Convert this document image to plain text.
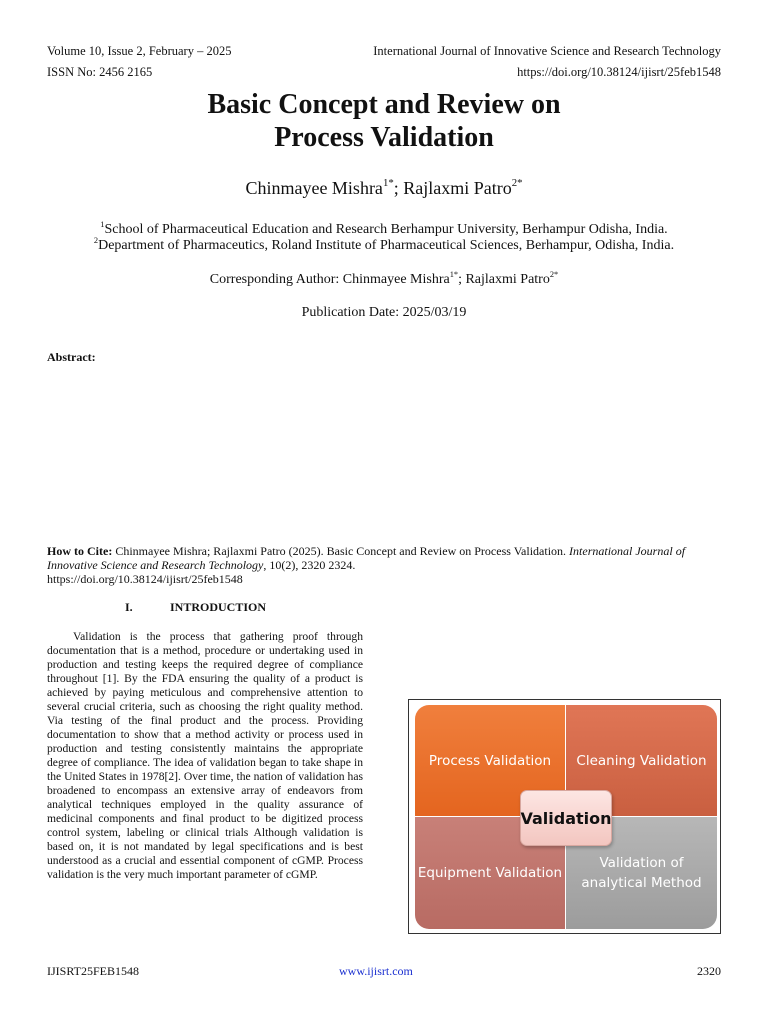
Volume 10, Issue 2, February – 2025	International Journal of Innovative Science and Research Technology
ISSN No: 2456 2165	https://doi.org/10.38124/ijisrt/25feb1548
Basic Concept and Review on
Process Validation
Chinmayee Mishra$^{1*}$; Rajlaxmi Patro$^{2*}$
$^1$School of Pharmaceutical Education and Research Berhampur University, Berhampur Odisha, India.
$^2$Department of Pharmaceutics, Roland Institute of Pharmaceutical Sciences, Berhampur, Odisha, India.
Corresponding Author: Chinmayee Mishra$^{1*}$; Rajlaxmi Patro$^{2*}$
Publication Date: 2025/03/19
Abstract:
How to Cite: Chinmayee Mishra; Rajlaxmi Patro (2025). Basic Concept and Review on Process Validation. International Journal of Innovative Science and Research Technology, 10(2), 2320 2324.
https://doi.org/10.38124/ijisrt/25feb1548
I.	INTRODUCTION
Validation is the process that gathering proof through documentation that is a method, procedure or undertaking used in production and testing keeps the required degree of compliance throughout [1]. By the FDA ensuring the quality of a product is achieved by paying meticulous and comprehensive attention to several crucial criteria, such as choosing the right quality method. Via testing of the final product and the process. Providing documentation to show that a method activity or process used in production and testing consistently maintains the appropriate degree of compliance. The idea of validation began to take shape in the United States in 1978[2]. Over time, the nation of validation has broadened to encompass an extensive array of endeavors from analytical techniques employed in the quality assurance of medicinal components and final product to be digitized process control system, labeling or clinical trials Although validation is based on, it is not mandated by legal specifications and is best understood as a crucial and essential component of cGMP. Process validation is the very much important parameter of cGMP.
Process Validation	Cleaning Validation
Equipment Validation
Validation of
analytical Method
Validation
IJISRT25FEB1548	www.ijisrt.com	2320
